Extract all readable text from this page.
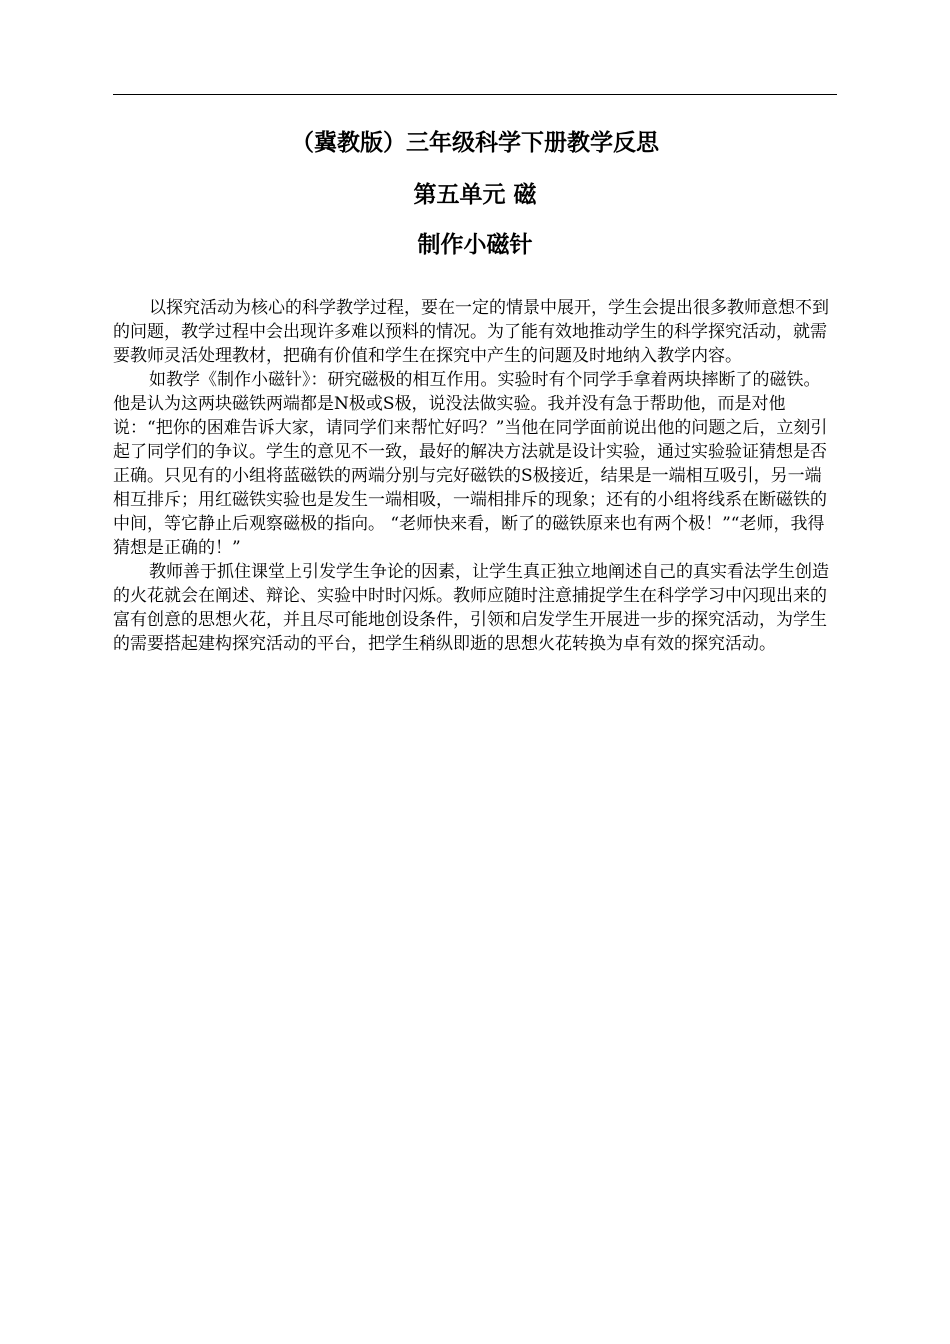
（冀教版）三年级科学下册教学反思
第五单元 磁
制作小磁针

以探究活动为核心的科学教学过程，要在一定的情景中展开，学生会提出很多教师意想不到的问题，教学过程中会出现许多难以预料的情况。为了能有效地推动学生的科学探究活动，就需要教师灵活处理教材，把确有价值和学生在探究中产生的问题及时地纳入教学内容。

如教学《制作小磁针》：研究磁极的相互作用。实验时有个同学手拿着两块摔断了的磁铁。他是认为这两块磁铁两端都是N极或S极，说没法做实验。我并没有急于帮助他，而是对他说：“把你的困难告诉大家，请同学们来帮忙好吗？”当他在同学面前说出他的问题之后，立刻引起了同学们的争议。学生的意见不一致，最好的解决方法就是设计实验，通过实验验证猜想是否正确。只见有的小组将蓝磁铁的两端分别与完好磁铁的S极接近，结果是一端相互吸引，另一端相互排斥；用红磁铁实验也是发生一端相吸，一端相排斥的现象；还有的小组将线系在断磁铁的中间，等它静止后观察磁极的指向。 “老师快来看，断了的磁铁原来也有两个极！”“老师，我得猜想是正确的！”

教师善于抓住课堂上引发学生争论的因素，让学生真正独立地阐述自己的真实看法学生创造的火花就会在阐述、辩论、实验中时时闪烁。教师应随时注意捕捉学生在科学学习中闪现出来的富有创意的思想火花，并且尽可能地创设条件，引领和启发学生开展进一步的探究活动，为学生的需要搭起建构探究活动的平台，把学生稍纵即逝的思想火花转换为卓有效的探究活动。
